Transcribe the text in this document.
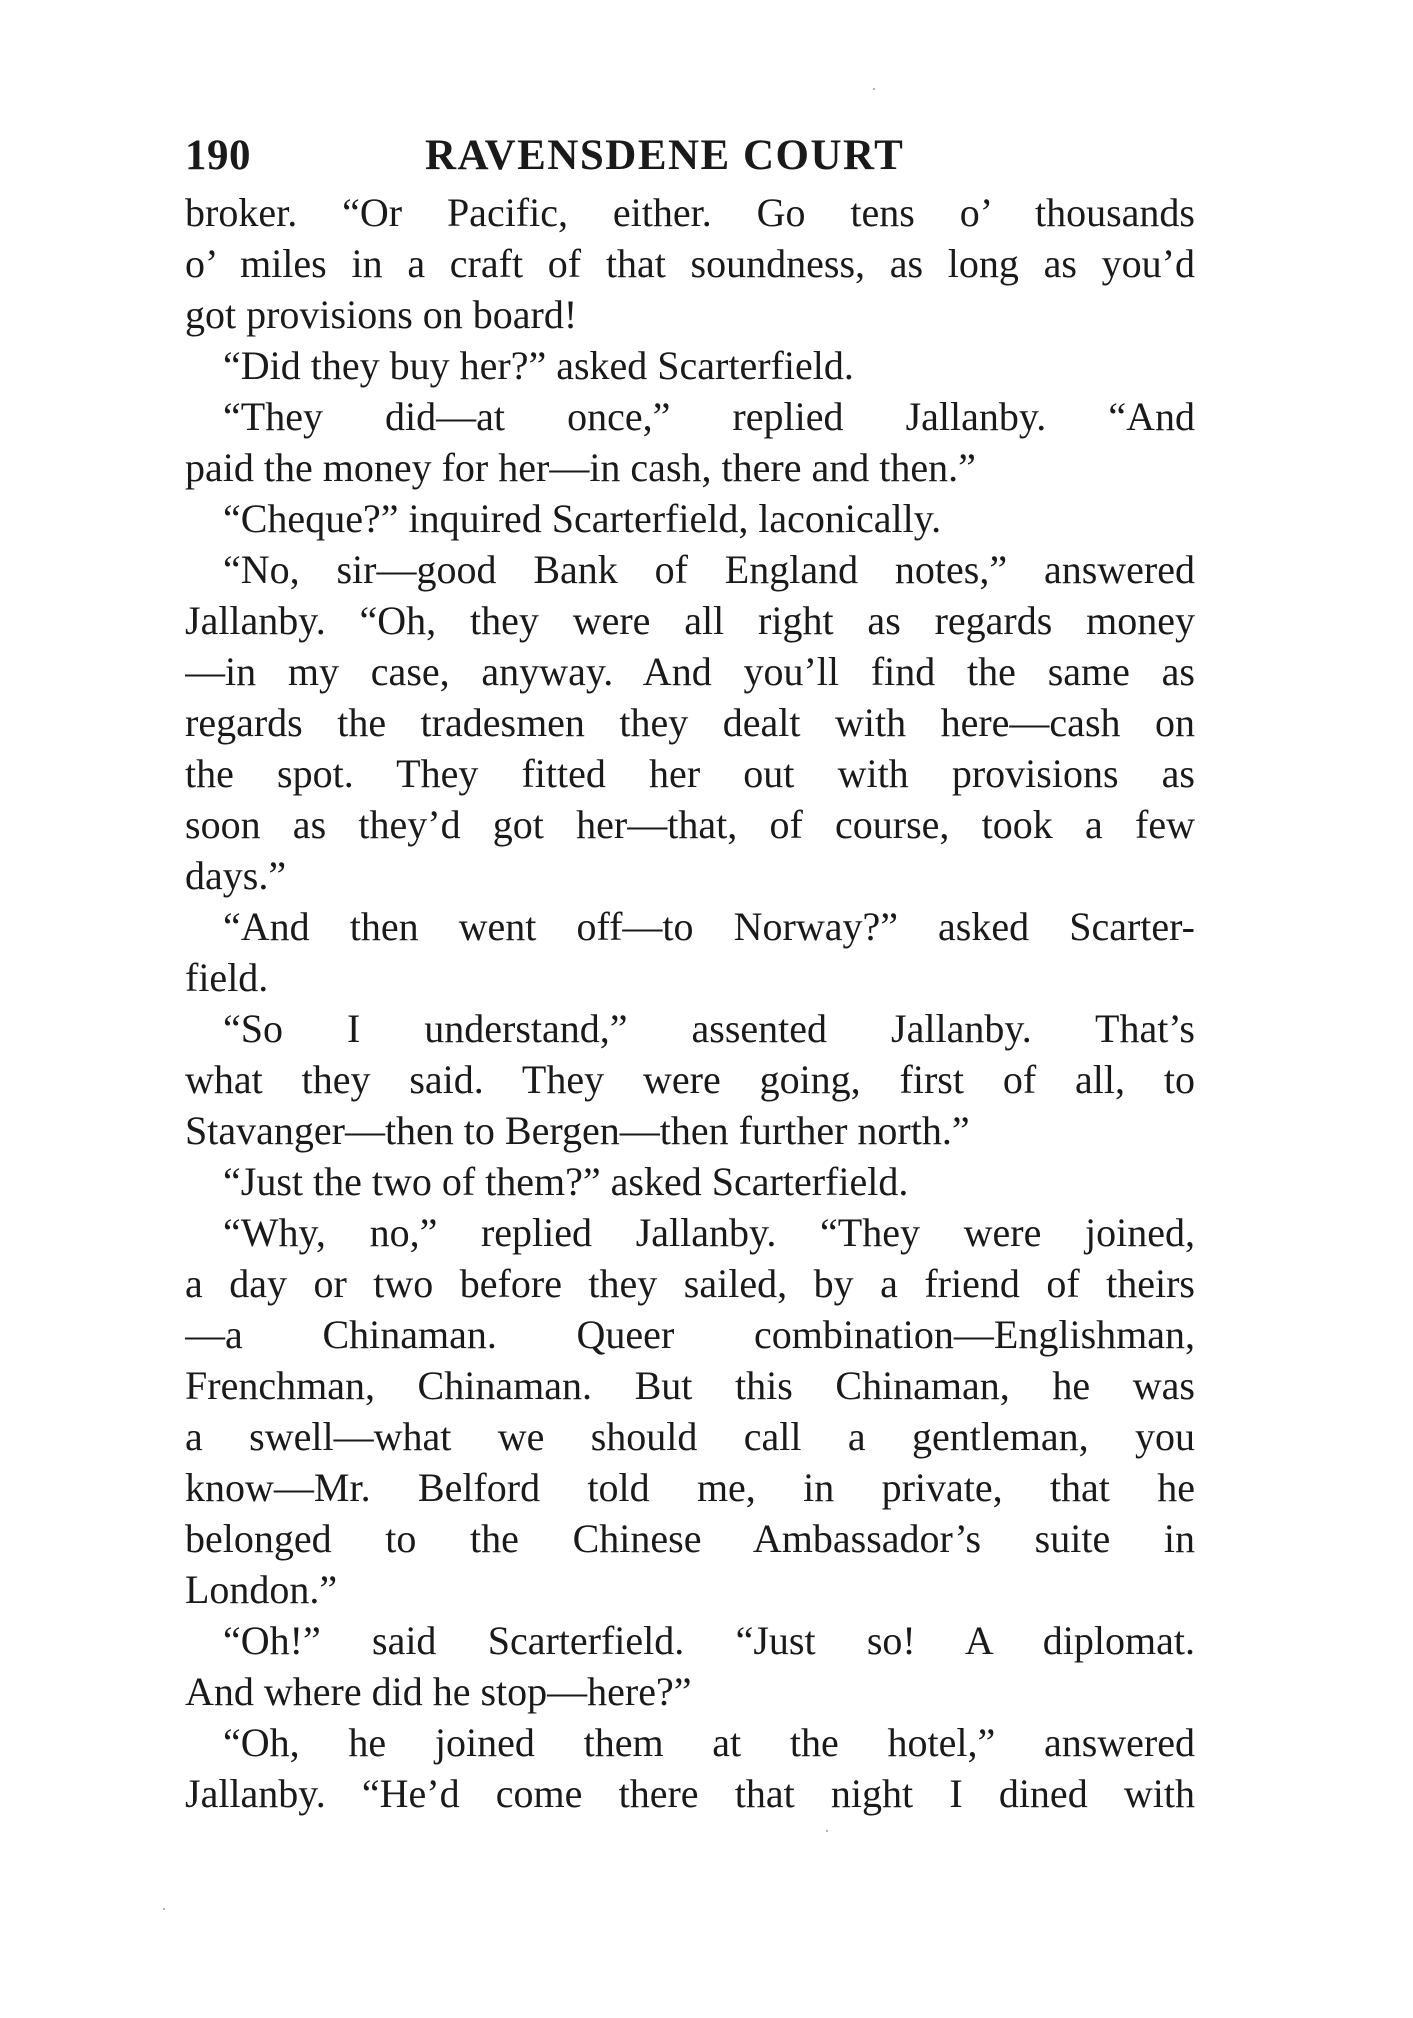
190	RAVENSDENE COURT
broker. “Or Pacific, either. Go tens o’ thousands
o’ miles in a craft of that soundness, as long as you’d
got provisions on board!
“Did they buy her?” asked Scarterfield.
“They did—at once,” replied Jallanby. “And
paid the money for her—in cash, there and then.”
“Cheque?” inquired Scarterfield, laconically.
“No, sir—good Bank of England notes,” answered
Jallanby. “Oh, they were all right as regards money
—in my case, anyway. And you’ll find the same as
regards the tradesmen they dealt with here—cash on
the spot. They fitted her out with provisions as
soon as they’d got her—that, of course, took a few
days.”
“And then went off—to Norway?” asked Scarter-
field.
“So I understand,” assented Jallanby. That’s
what they said. They were going, first of all, to
Stavanger—then to Bergen—then further north.”
“Just the two of them?” asked Scarterfield.
“Why, no,” replied Jallanby. “They were joined,
a day or two before they sailed, by a friend of theirs
—a Chinaman. Queer combination—Englishman,
Frenchman, Chinaman. But this Chinaman, he was
a swell—what we should call a gentleman, you
know—Mr. Belford told me, in private, that he
belonged to the Chinese Ambassador’s suite in
London.”
“Oh!” said Scarterfield. “Just so! A diplomat.
And where did he stop—here?”
“Oh, he joined them at the hotel,” answered
Jallanby. “He’d come there that night I dined with
